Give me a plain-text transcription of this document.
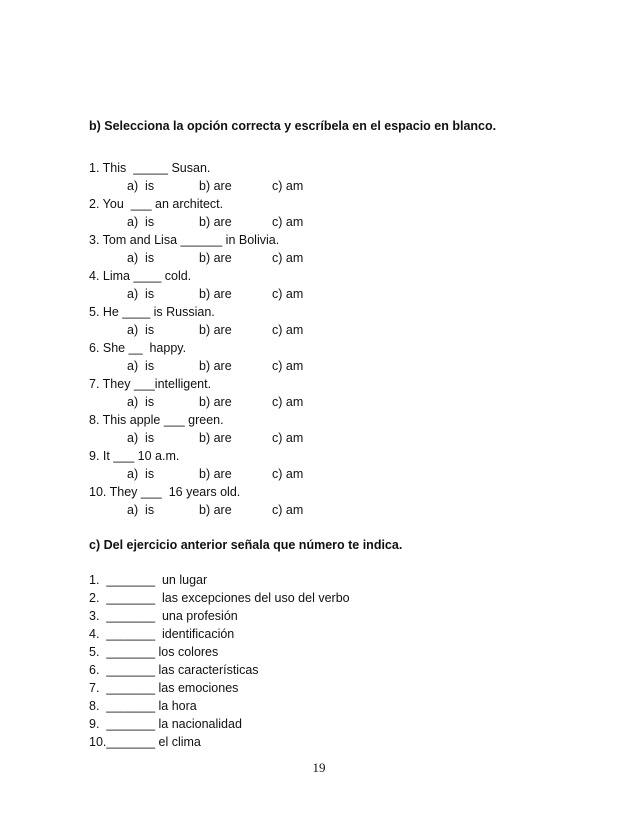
b) Selecciona la opción correcta y escríbela en el espacio en blanco.
1. This  _____ Susan.
a)  is	b) are	c) am
2. You  ___ an architect.
a)  is	b) are	c) am
3. Tom and Lisa ______ in Bolivia.
a)  is	b) are	c) am
4. Lima ____ cold.
a)  is	b) are	c) am
5. He ____ is Russian.
a)  is	b) are	c) am
6. She __  happy.
a)  is	b) are	c) am
7. They ___intelligent.
a)  is	b) are	c) am
8. This apple ___ green.
a)  is	b) are	c) am
9. It ___ 10 a.m.
a)  is	b) are	c) am
10. They ___  16 years old.
a)  is	b) are	c) am
c) Del ejercicio anterior señala que número te indica.
1.  _______  un lugar
2.  _______  las excepciones del uso del verbo
3.  _______  una profesión
4.  _______  identificación
5.  _______ los colores
6.  _______ las características
7.  _______ las emociones
8.  _______ la hora
9.  _______ la nacionalidad
10._______ el clima
19
